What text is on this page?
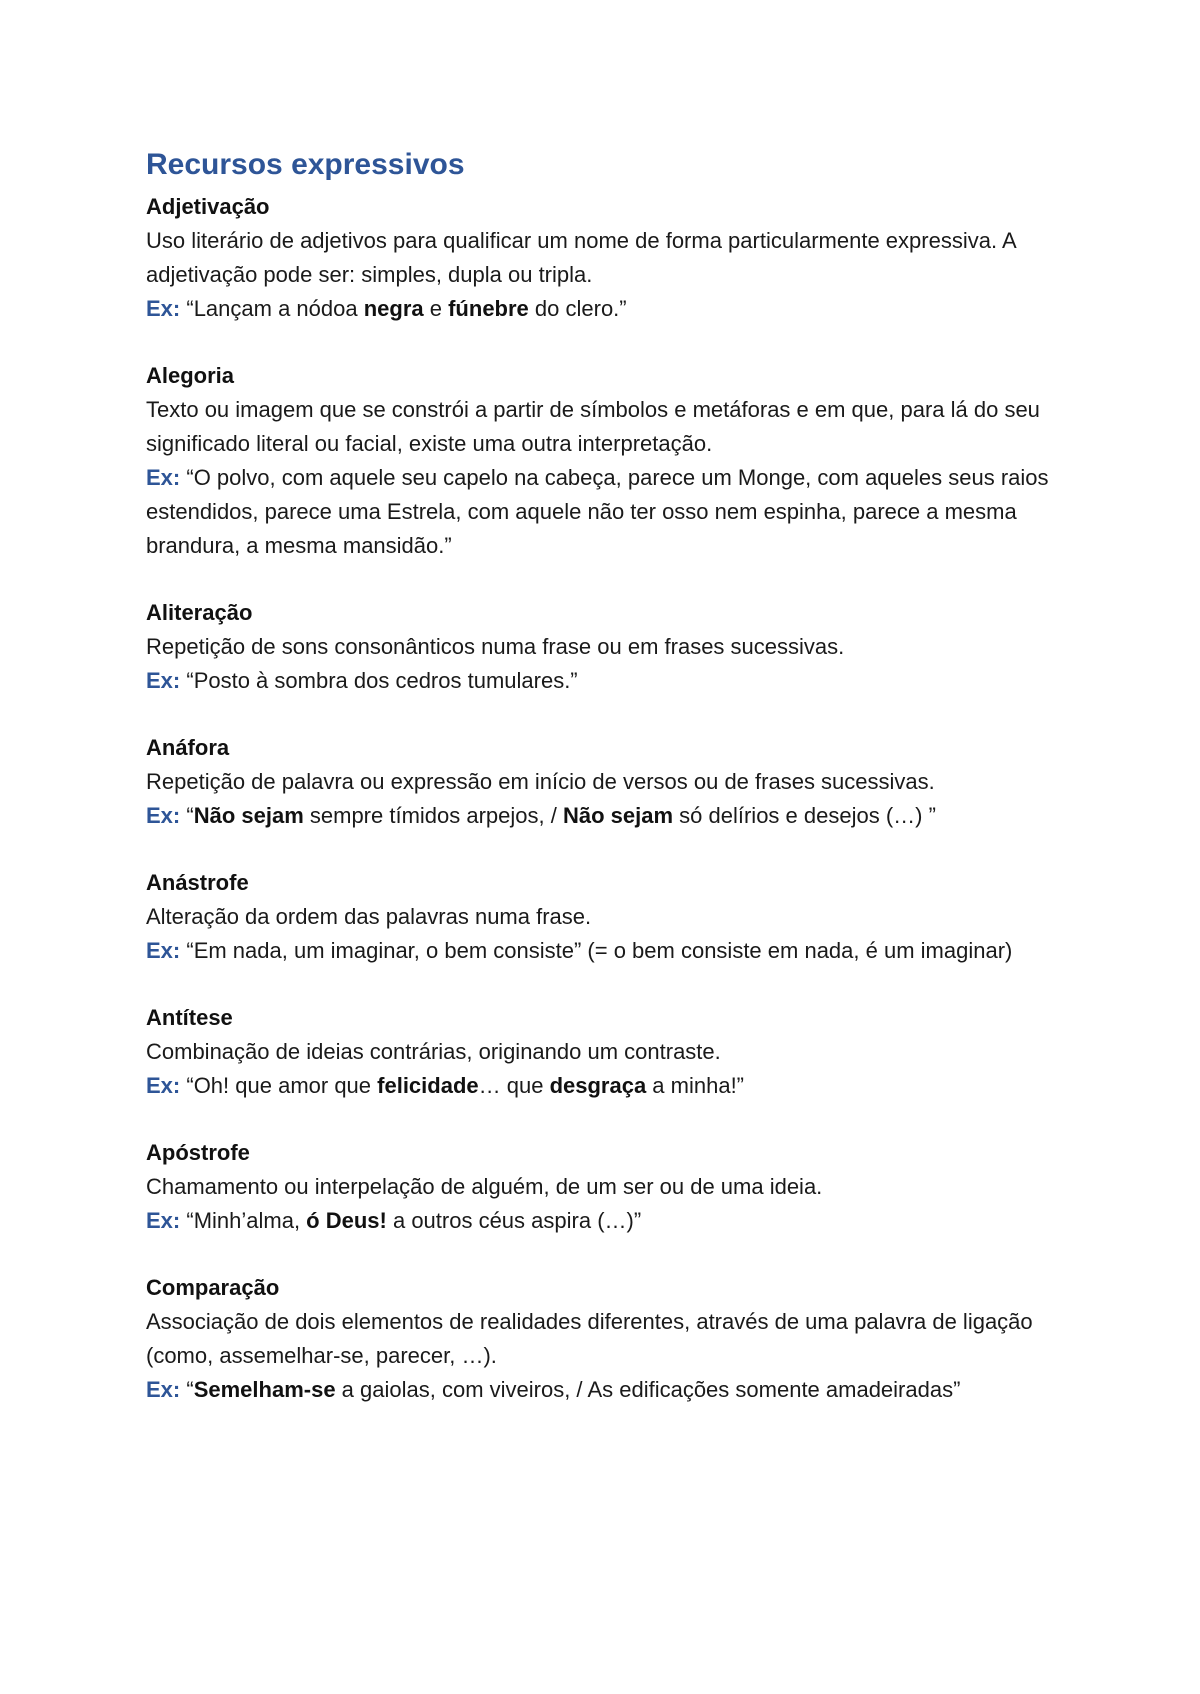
Recursos expressivos

Adjetivação

Uso literário de adjetivos para qualificar um nome de forma particularmente expressiva. A adjetivação pode ser: simples, dupla ou tripla.

Ex: “Lançam a nódoa negra e fúnebre do clero.”

Alegoria

Texto ou imagem que se constrói a partir de símbolos e metáforas e em que, para lá do seu significado literal ou facial, existe uma outra interpretação.

Ex: “O polvo, com aquele seu capelo na cabeça, parece um Monge, com aqueles seus raios estendidos, parece uma Estrela, com aquele não ter osso nem espinha, parece a mesma brandura, a mesma mansidão.”

Aliteração

Repetição de sons consonânticos numa frase ou em frases sucessivas.

Ex: “Posto à sombra dos cedros tumulares.”

Anáfora

Repetição de palavra ou expressão em início de versos ou de frases sucessivas.

Ex: “Não sejam sempre tímidos arpejos, / Não sejam só delírios e desejos (…) ”

Anástrofe

Alteração da ordem das palavras numa frase.

Ex: “Em nada, um imaginar, o bem consiste” (= o bem consiste em nada, é um imaginar)

Antítese

Combinação de ideias contrárias, originando um contraste.

Ex: “Oh! que amor que felicidade… que desgraça a minha!”

Apóstrofe

Chamamento ou interpelação de alguém, de um ser ou de uma ideia.

Ex: “Minh’alma, ó Deus! a outros céus aspira (…)”

Comparação

Associação de dois elementos de realidades diferentes, através de uma palavra de ligação (como, assemelhar-se, parecer, …).

Ex: “Semelham-se a gaiolas, com viveiros, / As edificações somente amadeiradas”
